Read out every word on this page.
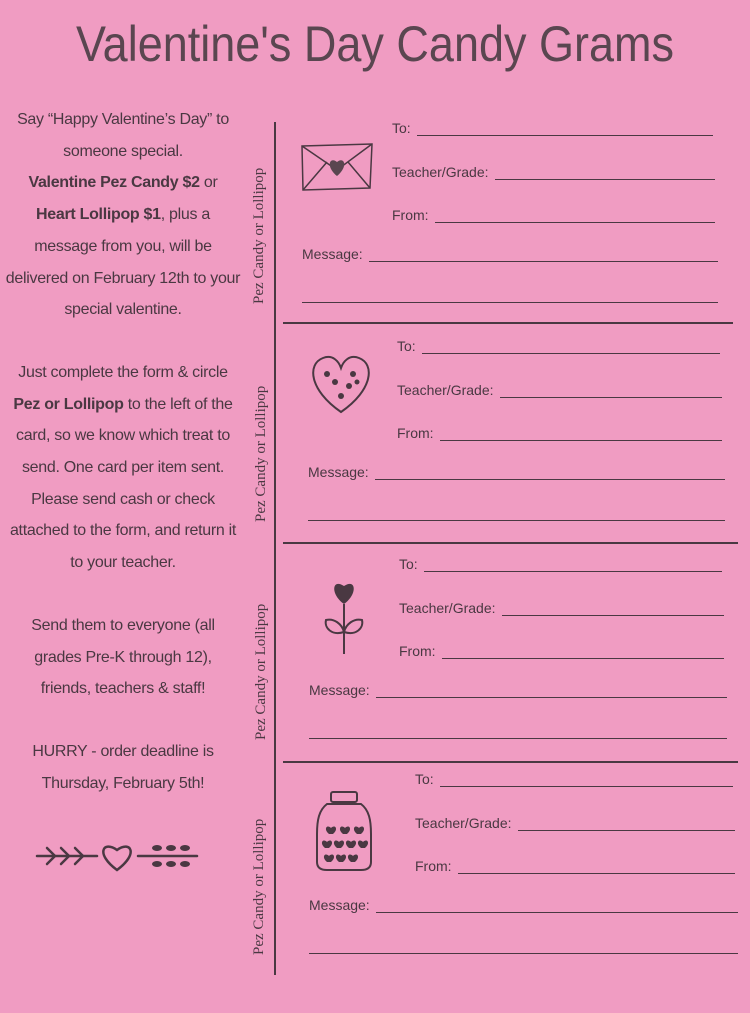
Valentine's Day Candy Grams

Say “Happy Valentine’s Day” to someone special.
Valentine Pez Candy $2 or
Heart Lollipop $1, plus a message from you, will be delivered on February 12th to your special valentine.

Just complete the form & circle Pez or Lollipop to the left of the card, so we know which treat to send. One card per item sent. Please send cash or check attached to the form, and return it to your teacher.

Send them to everyone (all grades Pre-K through 12), friends, teachers & staff!

HURRY - order deadline is Thursday, February 5th!

Pez Candy or Lollipop
To:
Teacher/Grade:
From:
Message:
Pez Candy or Lollipop
To:
Teacher/Grade:
From:
Message:
Pez Candy or Lollipop
To:
Teacher/Grade:
From:
Message:
Pez Candy or Lollipop
To:
Teacher/Grade:
From:
Message:
